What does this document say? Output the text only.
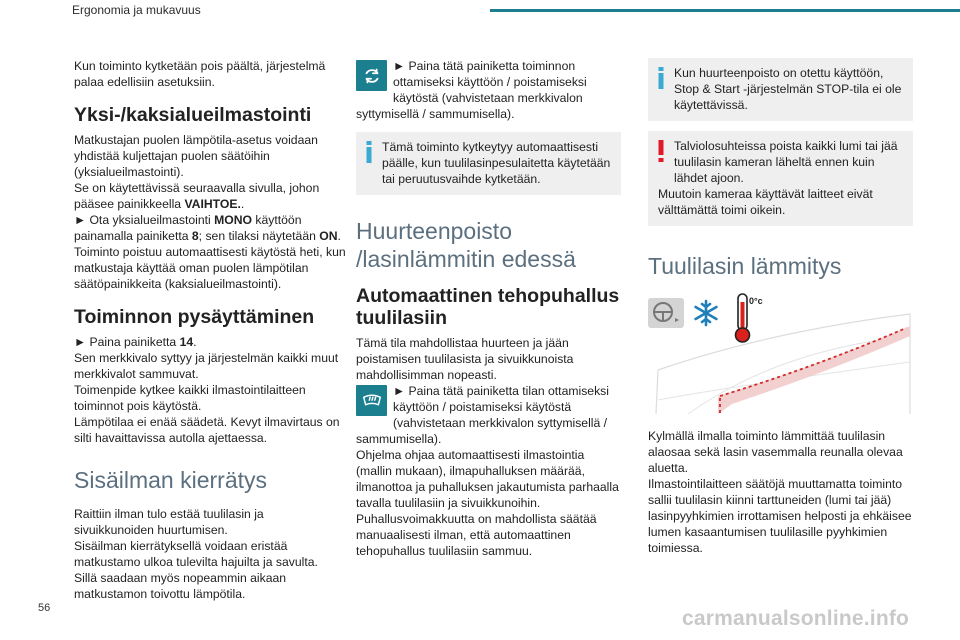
Ergonomia ja mukavuus

Kun toiminto kytketään pois päältä, järjestelmä palaa edellisiin asetuksiin.

Yksi-/kaksialueilmastointi

Matkustajan puolen lämpötila-asetus voidaan yhdistää kuljettajan puolen säätöihin (yksialueilmastointi).

Se on käytettävissä seuraavalla sivulla, johon pääsee painikkeella VAIHTOE..

► Ota yksialueilmastointi MONO käyttöön painamalla painiketta 8; sen tilaksi näytetään ON.

Toiminto poistuu automaattisesti käytöstä heti, kun matkustaja käyttää oman puolen lämpötilan säätöpainikkeita (kaksialueilmastointi).

Toiminnon pysäyttäminen

► Paina painiketta 14.

Sen merkkivalo syttyy ja järjestelmän kaikki muut merkkivalot sammuvat.

Toimenpide kytkee kaikki ilmastointilaitteen toiminnot pois käytöstä.

Lämpötilaa ei enää säädetä. Kevyt ilmavirtaus on silti havaittavissa autolla ajettaessa.

Sisäilman kierrätys

Raittiin ilman tulo estää tuulilasin ja sivuikkunoiden huurtumisen.

Sisäilman kierrätyksellä voidaan eristää matkustamo ulkoa tulevilta hajuilta ja savulta.

Sillä saadaan myös nopeammin aikaan matkustamon toivottu lämpötila.

► Paina tätä painiketta toiminnon ottamiseksi käyttöön / poistamiseksi käytöstä (vahvistetaan merkkivalon syttymisellä / sammumisella).

Tämä toiminto kytkeytyy automaattisesti päälle, kun tuulilasinpesulaitetta käytetään tai peruutusvaihde kytketään.
Huurteenpoisto /lasinlämmitin edessä
Automaattinen tehopuhallus tuulilasiin

Tämä tila mahdollistaa huurteen ja jään poistamisen tuulilasista ja sivuikkunoista mahdollisimman nopeasti.

► Paina tätä painiketta tilan ottamiseksi käyttöön / poistamiseksi käytöstä (vahvistetaan merkkivalon syttymisellä / sammumisella).

Ohjelma ohjaa automaattisesti ilmastointia (mallin mukaan), ilmapuhalluksen määrää, ilmanottoa ja puhalluksen jakautumista parhaalla tavalla tuulilasiin ja sivuikkunoihin.

Puhallusvoimakkuutta on mahdollista säätää manuaalisesti ilman, että automaattinen tehopuhallus tuulilasiin sammuu.

Kun huurteenpoisto on otettu käyttöön, Stop & Start -järjestelmän STOP-tila ei ole käytettävissä.
Talviolosuhteissa poista kaikki lumi tai jää tuulilasin kameran läheltä ennen kuin lähdet ajoon.
Muutoin kameraa käyttävät laitteet eivät välttämättä toimi oikein.
Tuulilasin lämmitys
0°c

Kylmällä ilmalla toiminto lämmittää tuulilasin alaosaa sekä lasin vasemmalla reunalla olevaa aluetta.

Ilmastointilaitteen säätöjä muuttamatta toiminto sallii tuulilasin kiinni tarttuneiden (lumi tai jää) lasinpyyhkimien irrottamisen helposti ja ehkäisee lumen kasaantumisen tuulilasille pyyhkimien toimiessa.

56	carmanualsonline.info
